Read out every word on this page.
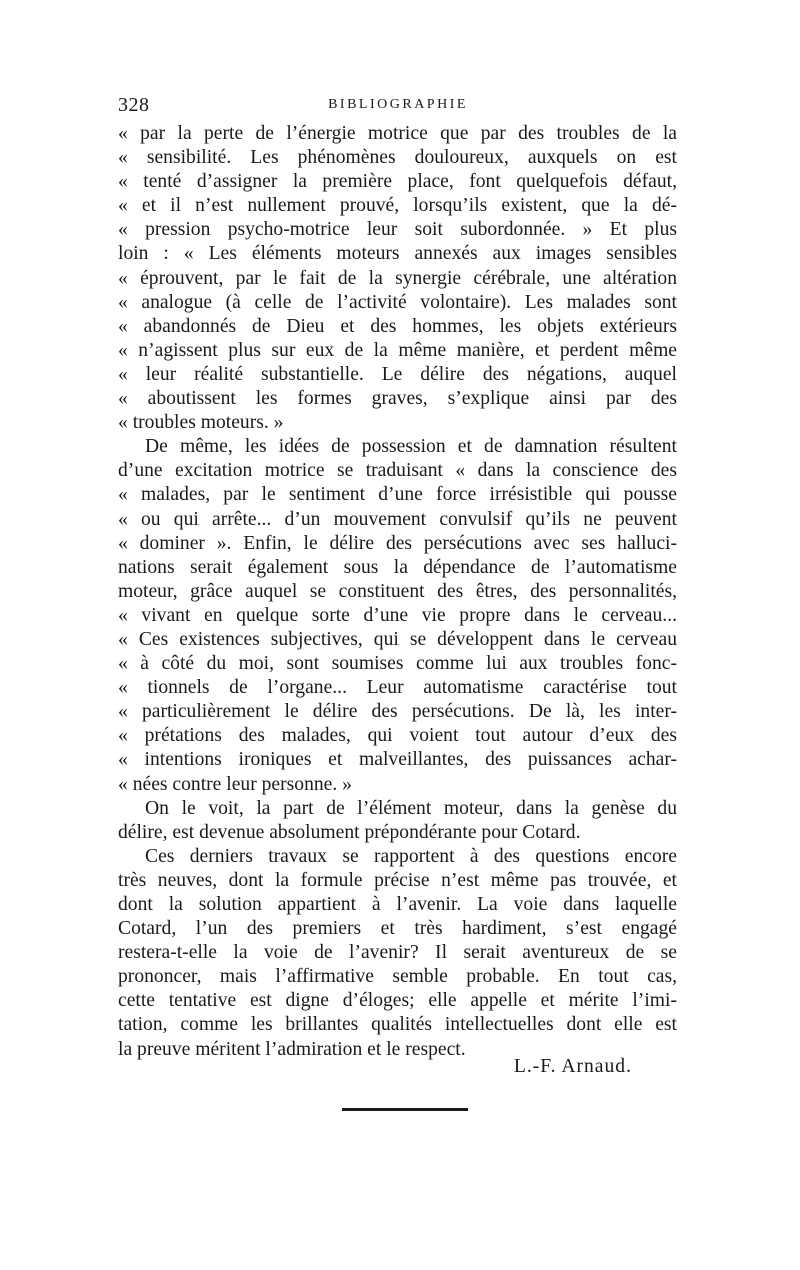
328	BIBLIOGRAPHIE
« par la perte de l’énergie motrice que par des troubles de la
« sensibilité. Les phénomènes douloureux, auxquels on est
« tenté d’assigner la première place, font quelquefois défaut,
« et il n’est nullement prouvé, lorsqu’ils existent, que la dé-
« pression psycho-motrice leur soit subordonnée. » Et plus
loin : « Les éléments moteurs annexés aux images sensibles
« éprouvent, par le fait de la synergie cérébrale, une altération
« analogue (à celle de l’activité volontaire). Les malades sont
« abandonnés de Dieu et des hommes, les objets extérieurs
« n’agissent plus sur eux de la même manière, et perdent même
« leur réalité substantielle. Le délire des négations, auquel
« aboutissent les formes graves, s’explique ainsi par des
« troubles moteurs. »
De même, les idées de possession et de damnation résultent
d’une excitation motrice se traduisant « dans la conscience des
« malades, par le sentiment d’une force irrésistible qui pousse
« ou qui arrête... d’un mouvement convulsif qu’ils ne peuvent
« dominer ». Enfin, le délire des persécutions avec ses halluci-
nations serait également sous la dépendance de l’automatisme
moteur, grâce auquel se constituent des êtres, des personnalités,
« vivant en quelque sorte d’une vie propre dans le cerveau...
« Ces existences subjectives, qui se développent dans le cerveau
« à côté du moi, sont soumises comme lui aux troubles fonc-
« tionnels de l’organe... Leur automatisme caractérise tout
« particulièrement le délire des persécutions. De là, les inter-
« prétations des malades, qui voient tout autour d’eux des
« intentions ironiques et malveillantes, des puissances achar-
« nées contre leur personne. »
On le voit, la part de l’élément moteur, dans la genèse du
délire, est devenue absolument prépondérante pour Cotard.
Ces derniers travaux se rapportent à des questions encore
très neuves, dont la formule précise n’est même pas trouvée, et
dont la solution appartient à l’avenir. La voie dans laquelle
Cotard, l’un des premiers et très hardiment, s’est engagé
restera-t-elle la voie de l’avenir? Il serait aventureux de se
prononcer, mais l’affirmative semble probable. En tout cas,
cette tentative est digne d’éloges; elle appelle et mérite l’imi-
tation, comme les brillantes qualités intellectuelles dont elle est
la preuve méritent l’admiration et le respect.
L.-F. Arnaud.
